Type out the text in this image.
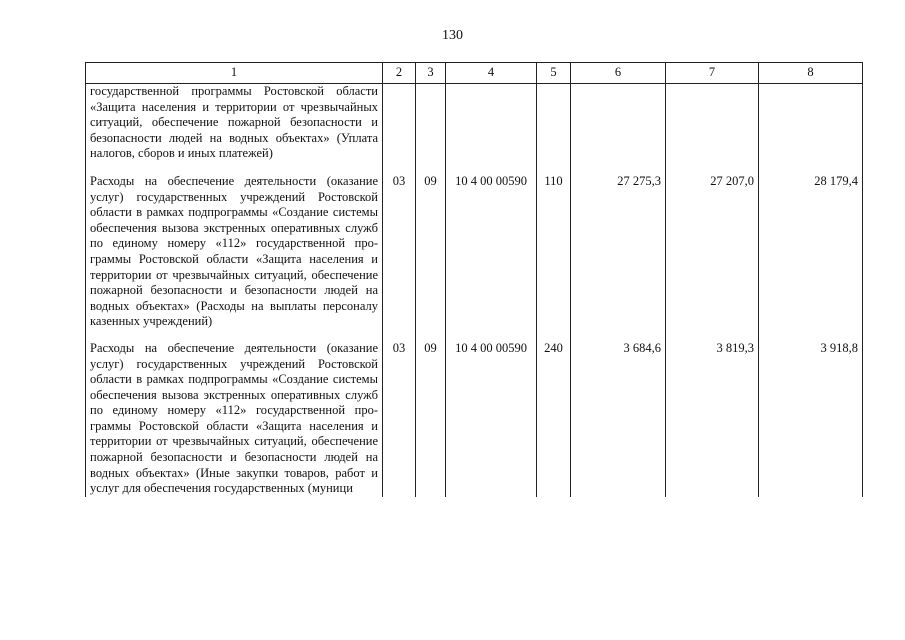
130
1	2	3	4	5	6	7	8
государственной программы Ростовской области «Защита населения и территории от чрезвычайных ситуаций, обеспечение пожарной безопасности и безопасности людей на водных объектах» (Уплата налогов, сборов и иных платежей)							
Расходы на обеспечение деятельности (оказание услуг) государственных учреждений Ростовской области в рамках подпрограммы «Создание системы обеспечения вызова экстренных оперативных служб по единому номеру «112» государственной программы Ростовской области «Защита населения и территории от чрезвычайных ситуаций, обеспечение пожарной безопасности и безопасности людей на водных объектах» (Расходы на выплаты персоналу казенных учреждений)	03	09	10 4 00 00590	110	27 275,3	27 207,0	28 179,4
Расходы на обеспечение деятельности (оказание услуг) государственных учреждений Ростовской области в рамках подпрограммы «Создание системы обеспечения вызова экстренных оперативных служб по единому номеру «112» государственной программы Ростовской области «Защита населения и территории от чрезвычайных ситуаций, обеспечение пожарной безопасности и безопасности людей на водных объектах» (Иные закупки товаров, работ и услуг для обеспечения государственных (муници	03	09	10 4 00 00590	240	3 684,6	3 819,3	3 918,8
